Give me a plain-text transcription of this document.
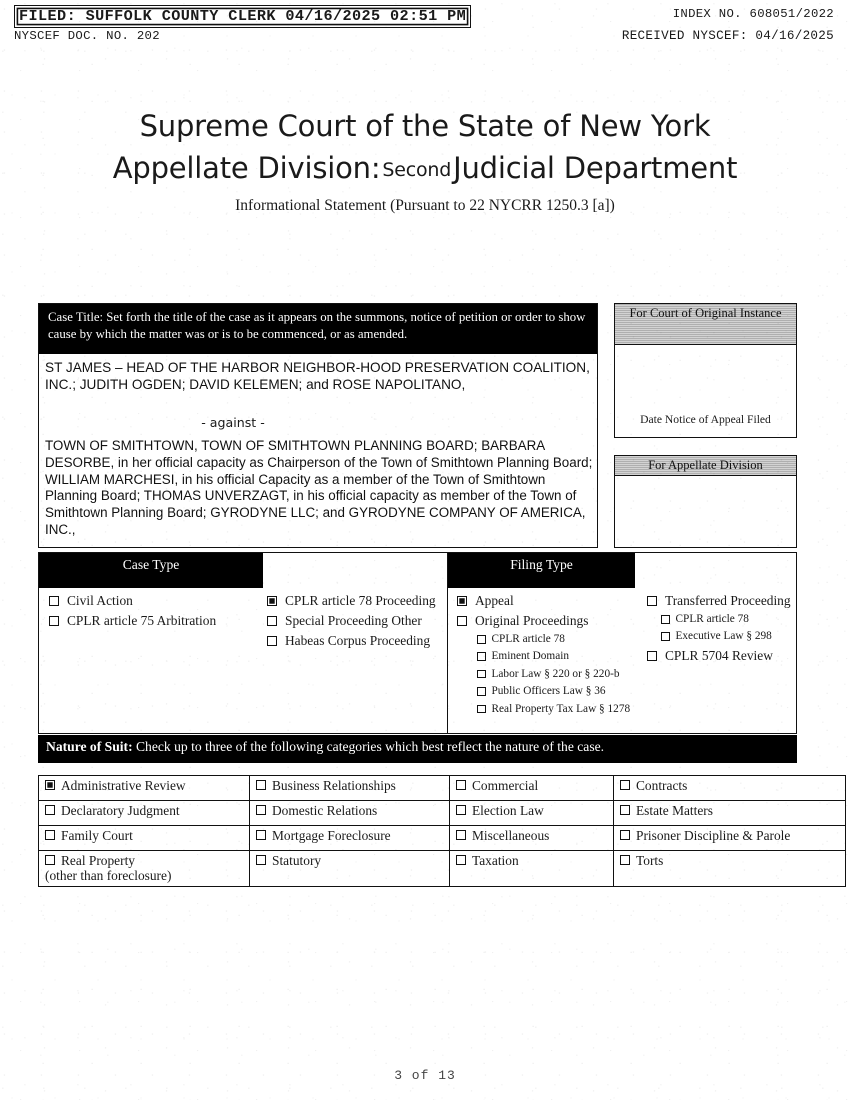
FILED: SUFFOLK COUNTY CLERK 04/16/2025 02:51 PM
NYSCEF DOC. NO. 202
INDEX NO. 608051/2022
RECEIVED NYSCEF: 04/16/2025
Supreme Court of the State of New York
Appellate Division: SecondJudicial Department
Informational Statement (Pursuant to 22 NYCRR 1250.3 [a])
Case Title: Set forth the title of the case as it appears on the summons, notice of petition or order to show cause by which the matter was or is to be commenced, or as amended.
ST JAMES – HEAD OF THE HARBOR NEIGHBOR-HOOD PRESERVATION COALITION, INC.; JUDITH OGDEN; DAVID KELEMEN; and ROSE NAPOLITANO,
- against -
TOWN OF SMITHTOWN, TOWN OF SMITHTOWN PLANNING BOARD; BARBARA DESORBE, in her official capacity as Chairperson of the Town of Smithtown Planning Board; WILLIAM MARCHESI, in his official Capacity as a member of the Town of Smithtown Planning Board; THOMAS UNVERZAGT, in his official capacity as member of the Town of Smithtown Planning Board; GYRODYNE LLC; and GYRODYNE COMPANY OF AMERICA, INC.,
For Court of Original Instance
Date Notice of Appeal Filed
For Appellate Division
Case Type	Filing Type
Civil Action
CPLR article 75 Arbitration
CPLR article 78 Proceeding
Special Proceeding Other
Habeas Corpus Proceeding
Appeal
Original Proceedings
CPLR article 78
Eminent Domain
Labor Law § 220 or § 220-b
Public Officers Law § 36
Real Property Tax Law § 1278
Transferred Proceeding
CPLR article 78
Executive Law § 298
CPLR 5704 Review
Nature of Suit: Check up to three of the following categories which best reflect the nature of the case.
Administrative Review	Business Relationships	Commercial	Contracts

Declaratory Judgment	Domestic Relations	Election Law	Estate Matters

Family Court	Mortgage Foreclosure	Miscellaneous	Prisoner Discipline & Parole

Real Property
(other than foreclosure)	Statutory	Taxation	Torts
3 of 13
